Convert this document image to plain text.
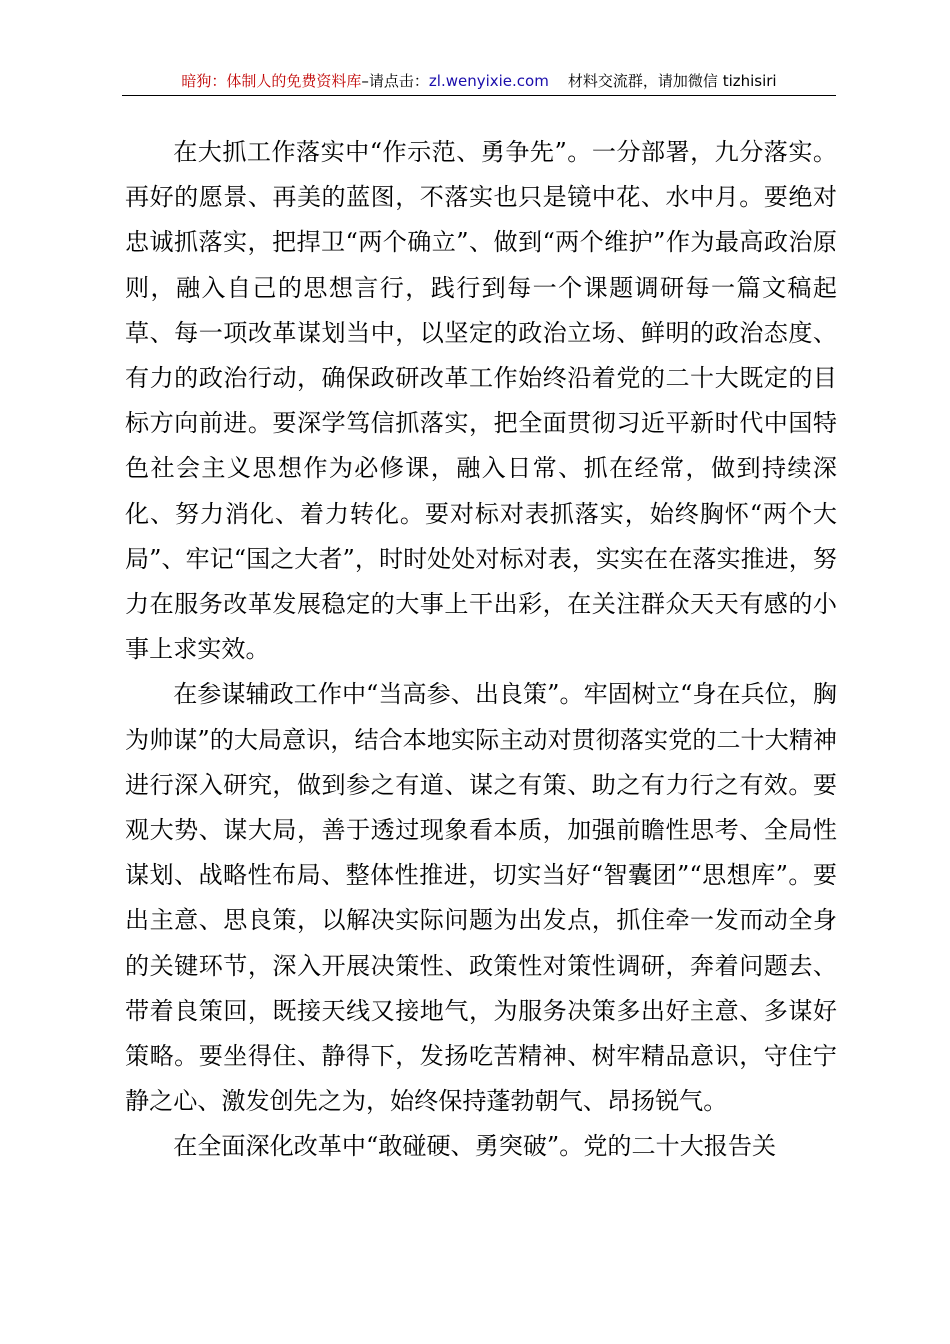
暗狗：体制人的免费资料库–请点击：zl.wenyixie.com 材料交流群，请加微信 tizhisiri

在大抓工作落实中“作示范、勇争先”。一分部署，九分落实。再好的愿景、再美的蓝图，不落实也只是镜中花、水中月。要绝对忠诚抓落实，把捍卫“两个确立”、做到“两个维护”作为最高政治原则，融入自己的思想言行，践行到每一个课题调研每一篇文稿起草、每一项改革谋划当中，以坚定的政治立场、鲜明的政治态度、有力的政治行动，确保政研改革工作始终沿着党的二十大既定的目标方向前进。要深学笃信抓落实，把全面贯彻习近平新时代中国特色社会主义思想作为必修课，融入日常、抓在经常，做到持续深化、努力消化、着力转化。要对标对表抓落实，始终胸怀“两个大局”、牢记“国之大者”，时时处处对标对表，实实在在落实推进，努力在服务改革发展稳定的大事上干出彩，在关注群众天天有感的小事上求实效。

在参谋辅政工作中“当高参、出良策”。牢固树立“身在兵位，胸为帅谋”的大局意识，结合本地实际主动对贯彻落实党的二十大精神进行深入研究，做到参之有道、谋之有策、助之有力行之有效。要观大势、谋大局，善于透过现象看本质，加强前瞻性思考、全局性谋划、战略性布局、整体性推进，切实当好“智囊团”“思想库”。要出主意、思良策，以解决实际问题为出发点，抓住牵一发而动全身的关键环节，深入开展决策性、政策性对策性调研，奔着问题去、带着良策回，既接天线又接地气，为服务决策多出好主意、多谋好策略。要坐得住、静得下，发扬吃苦精神、树牢精品意识，守住宁静之心、激发创先之为，始终保持蓬勃朝气、昂扬锐气。

在全面深化改革中“敢碰硬、勇突破”。党的二十大报告关
